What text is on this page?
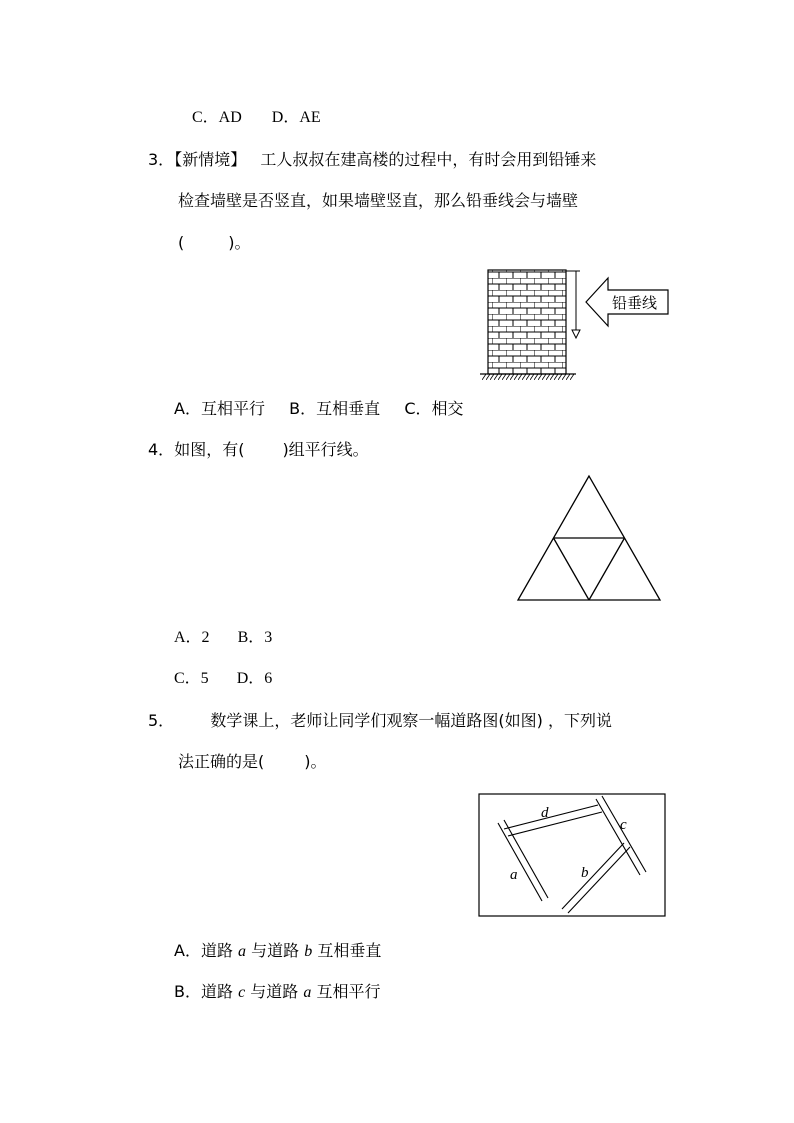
C．AD D．AE
3．【新情境】 工人叔叔在建高楼的过程中，有时会用到铅锤来
检查墙壁是否竖直，如果墙壁竖直，那么铅垂线会与墙壁
(	)。
铅垂线
A．互相平行 B．互相垂直 C．相交
4．如图，有( )组平行线。
A．2 B．3
C．5 D．6
5． 数学课上，老师让同学们观察一幅道路图(如图) ，下列说
法正确的是(	)。
d
c
a	b
A．道路 a 与道路 b 互相垂直
B．道路 c 与道路 a 互相平行
